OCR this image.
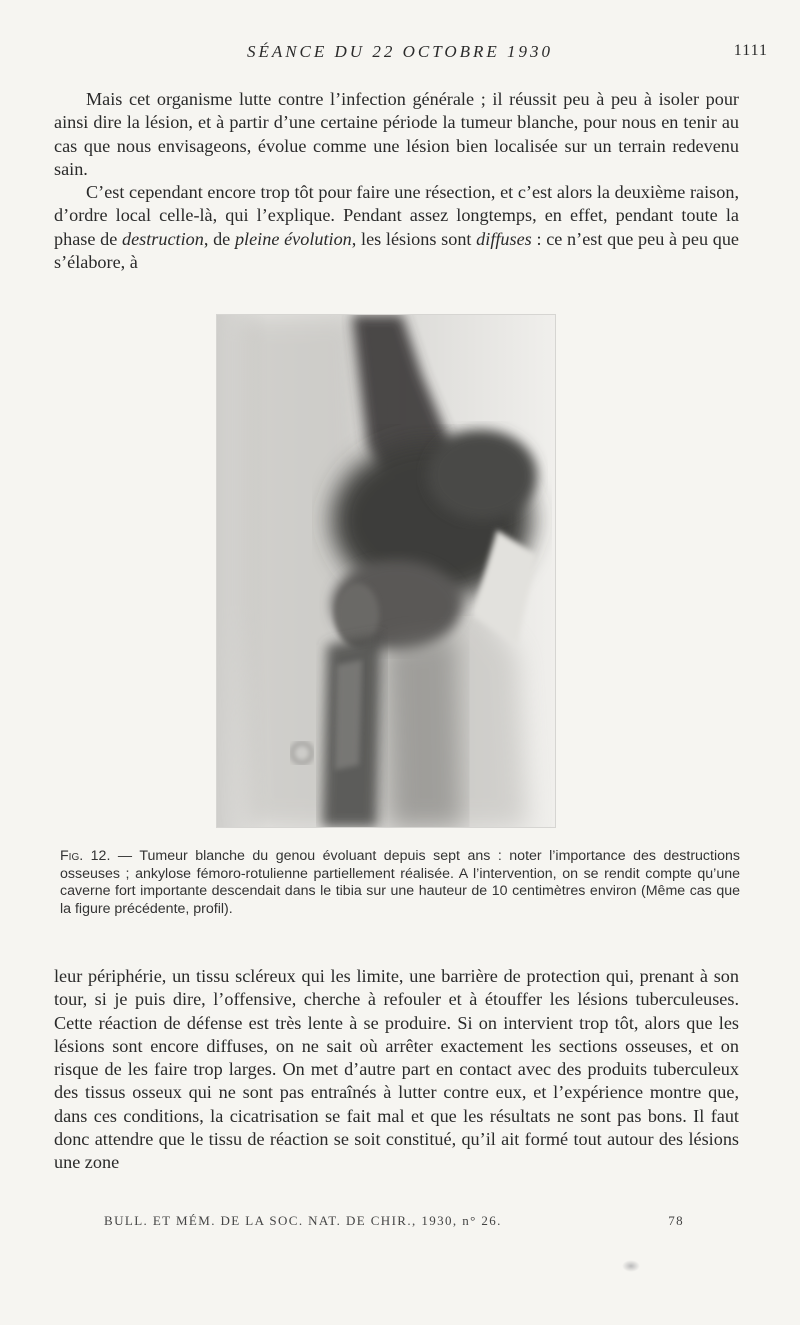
SÉANCE DU 22 OCTOBRE 1930	1111

Mais cet organisme lutte contre l’infection générale ; il réussit peu à peu à isoler pour ainsi dire la lésion, et à partir d’une certaine période la tumeur blanche, pour nous en tenir au cas que nous envisageons, évolue comme une lésion bien localisée sur un terrain redevenu sain.

C’est cependant encore trop tôt pour faire une résection, et c’est alors la deuxième raison, d’ordre local celle-là, qui l’explique. Pendant assez longtemps, en effet, pendant toute la phase de destruction, de pleine évolution, les lésions sont diffuses : ce n’est que peu à peu que s’élabore, à

Fig. 12. — Tumeur blanche du genou évoluant depuis sept ans : noter l’importance des destructions osseuses ; ankylose fémoro-rotulienne partiellement réalisée. A l’intervention, on se rendit compte qu’une caverne fort importante descendait dans le tibia sur une hauteur de 10 centimètres environ (Même cas que la figure précédente, profil).

leur périphérie, un tissu scléreux qui les limite, une barrière de protection qui, prenant à son tour, si je puis dire, l’offensive, cherche à refouler et à étouffer les lésions tuberculeuses. Cette réaction de défense est très lente à se produire. Si on intervient trop tôt, alors que les lésions sont encore diffuses, on ne sait où arrêter exactement les sections osseuses, et on risque de les faire trop larges. On met d’autre part en contact avec des produits tuberculeux des tissus osseux qui ne sont pas entraînés à lutter contre eux, et l’expérience montre que, dans ces conditions, la cicatrisation se fait mal et que les résultats ne sont pas bons. Il faut donc attendre que le tissu de réaction se soit constitué, qu’il ait formé tout autour des lésions une zone

BULL. ET MÉM. DE LA SOC. NAT. DE CHIR., 1930, n° 26.	78
